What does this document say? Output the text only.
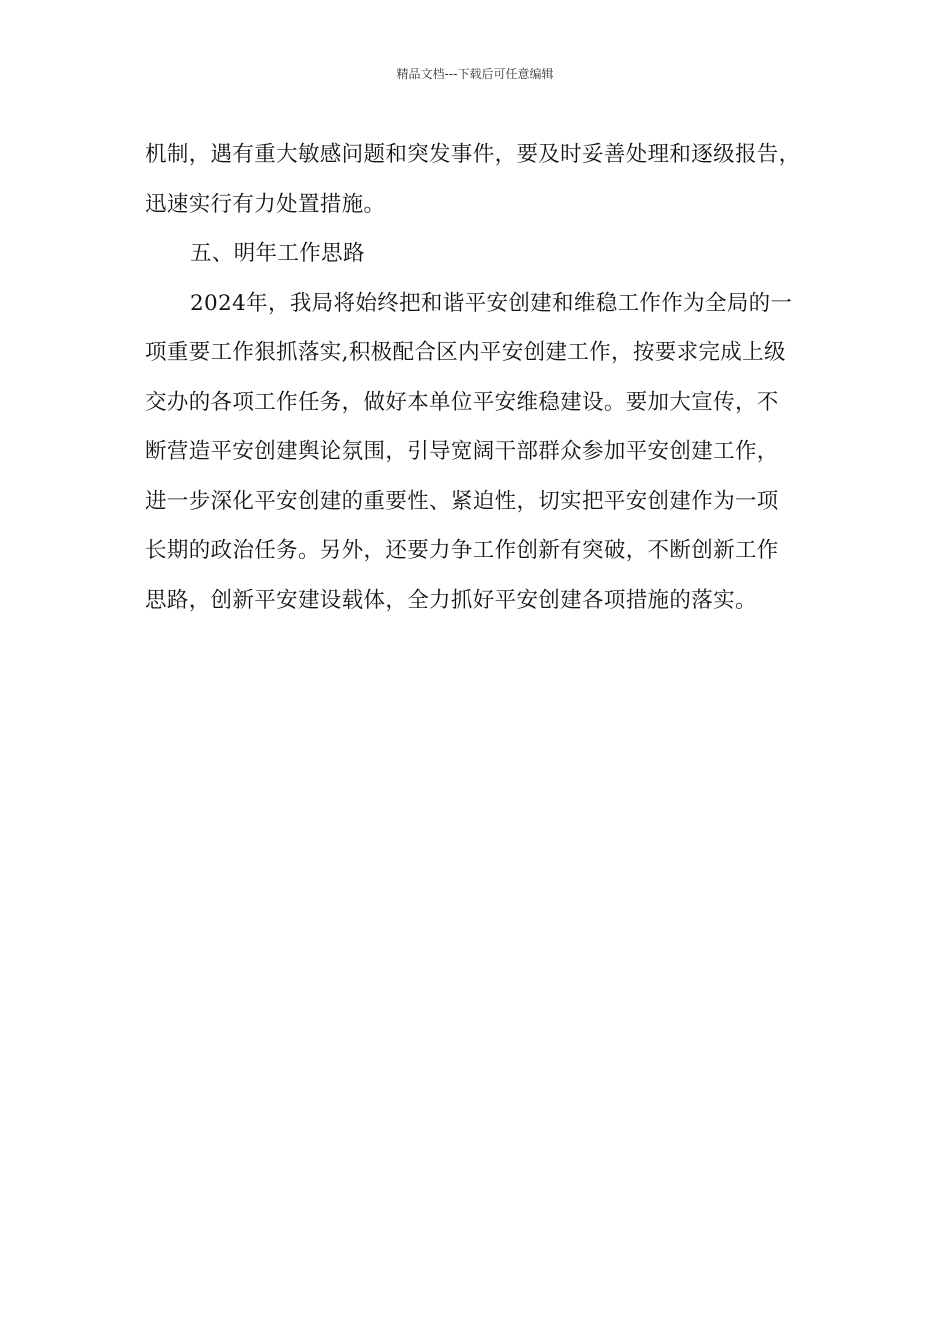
精品文档---下载后可任意编辑
机制，遇有重大敏感问题和突发事件，要及时妥善处理和逐级报告，
迅速实行有力处置措施。
五、明年工作思路
2024年，我局将始终把和谐平安创建和维稳工作作为全局的一
项重要工作狠抓落实,积极配合区内平安创建工作，按要求完成上级
交办的各项工作任务，做好本单位平安维稳建设。要加大宣传，不
断营造平安创建舆论氛围，引导宽阔干部群众参加平安创建工作，
进一步深化平安创建的重要性、紧迫性，切实把平安创建作为一项
长期的政治任务。另外，还要力争工作创新有突破，不断创新工作
思路，创新平安建设载体，全力抓好平安创建各项措施的落实。
